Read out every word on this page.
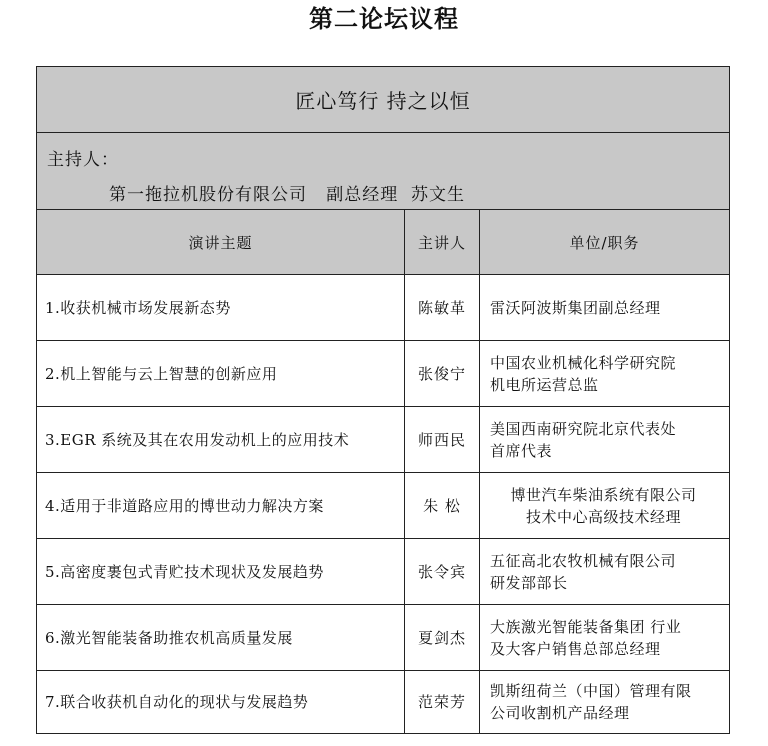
第二论坛议程
匠心笃行 持之以恒		

主持人：
第一拖拉机股份有限公司   副总经理  苏文生		

演讲主题	主讲人	单位/职务
1.收获机械市场发展新态势	陈敏革	雷沃阿波斯集团副总经理

2.机上智能与云上智慧的创新应用	张俊宁	中国农业机械化科学研究院
机电所运营总监

3.EGR 系统及其在农用发动机上的应用技术	师西民	美国西南研究院北京代表处
首席代表

4.适用于非道路应用的博世动力解决方案	朱 松	博世汽车柴油系统有限公司
技术中心高级技术经理

5.高密度裹包式青贮技术现状及发展趋势	张令宾	五征高北农牧机械有限公司
研发部部长

6.激光智能装备助推农机高质量发展	夏剑杰	大族激光智能装备集团 行业
及大客户销售总部总经理

7.联合收获机自动化的现状与发展趋势	范荣芳	凯斯纽荷兰（中国）管理有限
公司收割机产品经理
